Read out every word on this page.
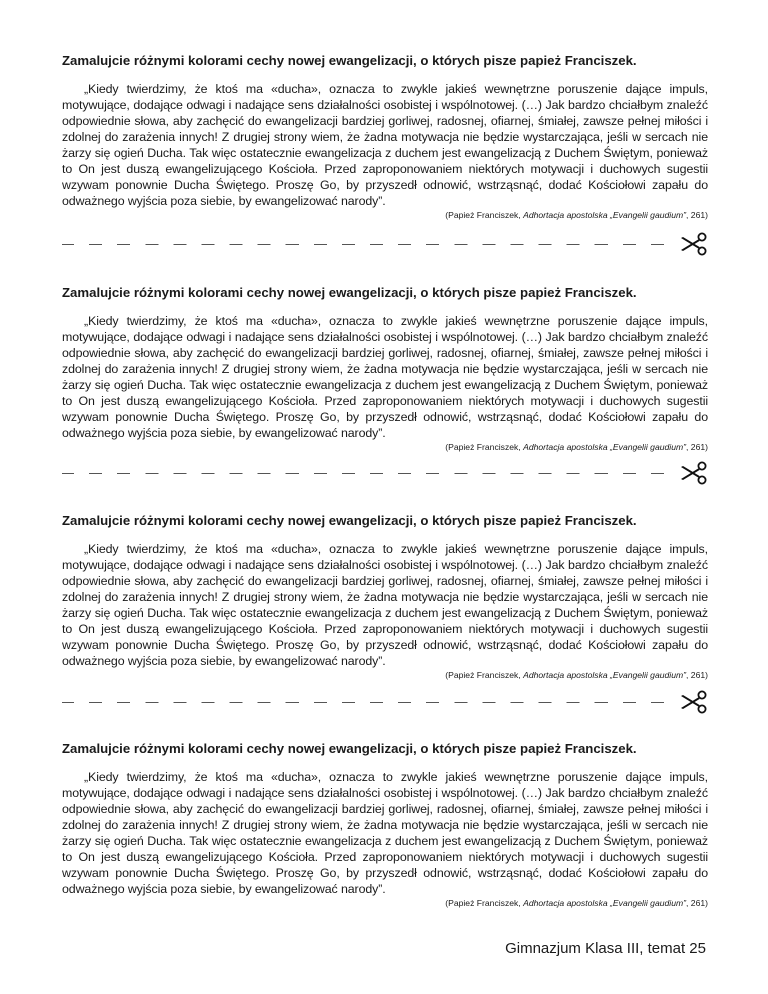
Zamalujcie różnymi kolorami cechy nowej ewangelizacji, o których pisze papież Franciszek.

„Kiedy twierdzimy, że ktoś ma «ducha», oznacza to zwykle jakieś wewnętrzne poruszenie dające impuls, motywujące, dodające odwagi i nadające sens działalności osobistej i wspólnotowej. (…) Jak bardzo chciałbym znaleźć odpowiednie słowa, aby zachęcić do ewangelizacji bardziej gorliwej, radosnej, ofiarnej, śmiałej, zawsze pełnej miłości i zdolnej do zarażenia innych! Z drugiej strony wiem, że żadna motywacja nie będzie wystarczająca, jeśli w sercach nie żarzy się ogień Ducha. Tak więc ostatecznie ewangelizacja z duchem jest ewangelizacją z Duchem Świętym, ponieważ to On jest duszą ewangelizującego Kościoła. Przed zaproponowaniem niektórych motywacji i duchowych sugestii wzywam ponownie Ducha Świętego. Proszę Go, by przyszedł odnowić, wstrząsnąć, dodać Kościołowi zapału do odważnego wyjścia poza siebie, by ewangelizować narody”.

(Papież Franciszek, Adhortacja apostolska „Evangelii gaudium”, 261)
Zamalujcie różnymi kolorami cechy nowej ewangelizacji, o których pisze papież Franciszek.

„Kiedy twierdzimy, że ktoś ma «ducha», oznacza to zwykle jakieś wewnętrzne poruszenie dające impuls, motywujące, dodające odwagi i nadające sens działalności osobistej i wspólnotowej. (…) Jak bardzo chciałbym znaleźć odpowiednie słowa, aby zachęcić do ewangelizacji bardziej gorliwej, radosnej, ofiarnej, śmiałej, zawsze pełnej miłości i zdolnej do zarażenia innych! Z drugiej strony wiem, że żadna motywacja nie będzie wystarczająca, jeśli w sercach nie żarzy się ogień Ducha. Tak więc ostatecznie ewangelizacja z duchem jest ewangelizacją z Duchem Świętym, ponieważ to On jest duszą ewangelizującego Kościoła. Przed zaproponowaniem niektórych motywacji i duchowych sugestii wzywam ponownie Ducha Świętego. Proszę Go, by przyszedł odnowić, wstrząsnąć, dodać Kościołowi zapału do odważnego wyjścia poza siebie, by ewangelizować narody”.

(Papież Franciszek, Adhortacja apostolska „Evangelii gaudium”, 261)
Zamalujcie różnymi kolorami cechy nowej ewangelizacji, o których pisze papież Franciszek.

„Kiedy twierdzimy, że ktoś ma «ducha», oznacza to zwykle jakieś wewnętrzne poruszenie dające impuls, motywujące, dodające odwagi i nadające sens działalności osobistej i wspólnotowej. (…) Jak bardzo chciałbym znaleźć odpowiednie słowa, aby zachęcić do ewangelizacji bardziej gorliwej, radosnej, ofiarnej, śmiałej, zawsze pełnej miłości i zdolnej do zarażenia innych! Z drugiej strony wiem, że żadna motywacja nie będzie wystarczająca, jeśli w sercach nie żarzy się ogień Ducha. Tak więc ostatecznie ewangelizacja z duchem jest ewangelizacją z Duchem Świętym, ponieważ to On jest duszą ewangelizującego Kościoła. Przed zaproponowaniem niektórych motywacji i duchowych sugestii wzywam ponownie Ducha Świętego. Proszę Go, by przyszedł odnowić, wstrząsnąć, dodać Kościołowi zapału do odważnego wyjścia poza siebie, by ewangelizować narody”.

(Papież Franciszek, Adhortacja apostolska „Evangelii gaudium”, 261)
Zamalujcie różnymi kolorami cechy nowej ewangelizacji, o których pisze papież Franciszek.

„Kiedy twierdzimy, że ktoś ma «ducha», oznacza to zwykle jakieś wewnętrzne poruszenie dające impuls, motywujące, dodające odwagi i nadające sens działalności osobistej i wspólnotowej. (…) Jak bardzo chciałbym znaleźć odpowiednie słowa, aby zachęcić do ewangelizacji bardziej gorliwej, radosnej, ofiarnej, śmiałej, zawsze pełnej miłości i zdolnej do zarażenia innych! Z drugiej strony wiem, że żadna motywacja nie będzie wystarczająca, jeśli w sercach nie żarzy się ogień Ducha. Tak więc ostatecznie ewangelizacja z duchem jest ewangelizacją z Duchem Świętym, ponieważ to On jest duszą ewangelizującego Kościoła. Przed zaproponowaniem niektórych motywacji i duchowych sugestii wzywam ponownie Ducha Świętego. Proszę Go, by przyszedł odnowić, wstrząsnąć, dodać Kościołowi zapału do odważnego wyjścia poza siebie, by ewangelizować narody”.

(Papież Franciszek, Adhortacja apostolska „Evangelii gaudium”, 261)
Gimnazjum Klasa III, temat 25
